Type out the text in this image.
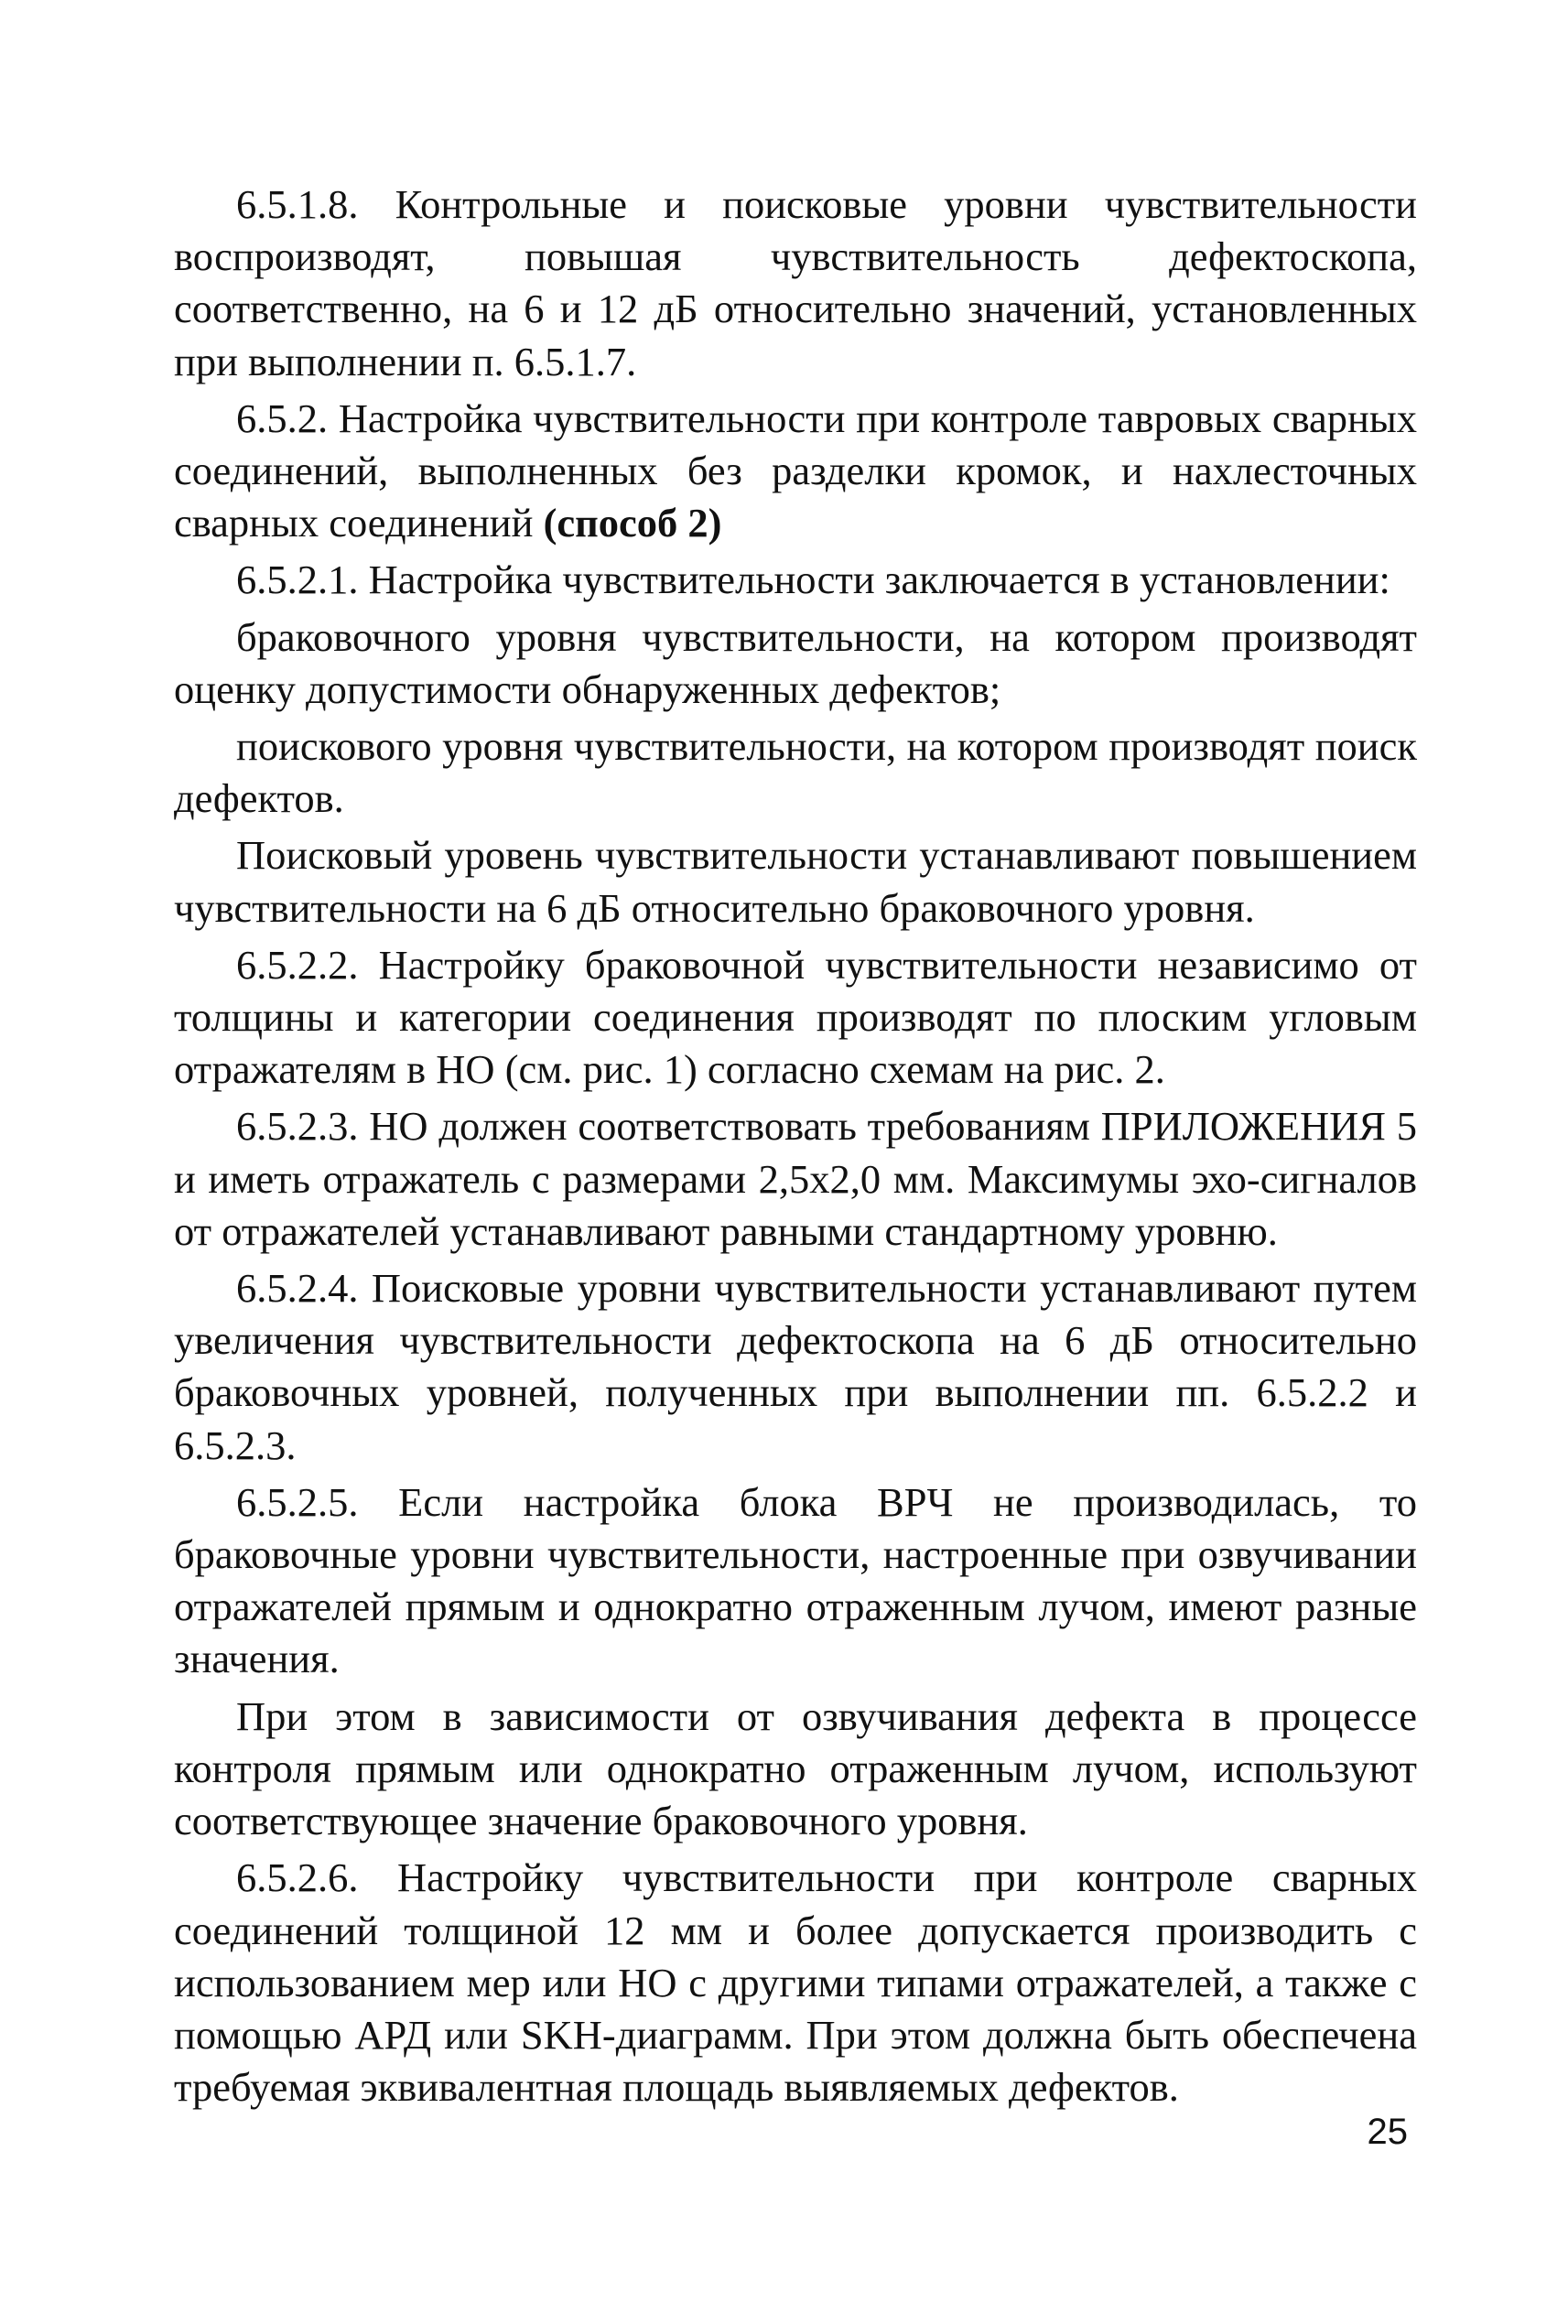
6.5.1.8. Контрольные и поисковые уровни чувствительности воспроизводят, повышая чувствительность дефектоскопа, соответственно, на 6 и 12 дБ относительно значений, установленных при выполнении п. 6.5.1.7.

6.5.2. Настройка чувствительности при контроле тавровых сварных соединений, выполненных без разделки кромок, и нахлесточных сварных соединений (способ 2)

6.5.2.1. Настройка чувствительности заключается в установлении:

браковочного уровня чувствительности, на котором производят оценку допустимости обнаруженных дефектов;

поискового уровня чувствительности, на котором производят поиск дефектов.

Поисковый уровень чувствительности устанавливают повышением чувствительности на 6 дБ относительно браковочного уровня.

6.5.2.2. Настройку браковочной чувствительности независимо от толщины и категории соединения производят по плоским угловым отражателям в НО (см. рис. 1) согласно схемам на рис. 2.

6.5.2.3. НО должен соответствовать требованиям ПРИЛОЖЕНИЯ 5 и иметь отражатель с размерами 2,5x2,0 мм. Максимумы эхо-сигналов от отражателей устанавливают равными стандартному уровню.

6.5.2.4. Поисковые уровни чувствительности устанавливают путем увеличения чувствительности дефектоскопа на 6 дБ относительно браковочных уровней, полученных при выполнении пп. 6.5.2.2 и 6.5.2.3.

6.5.2.5. Если настройка блока ВРЧ не производилась, то браковочные уровни чувствительности, настроенные при озвучивании отражателей прямым и однократно отраженным лучом, имеют разные значения.

При этом в зависимости от озвучивания дефекта в процессе контроля прямым или однократно отраженным лучом, используют соответствующее значение браковочного уровня.

6.5.2.6. Настройку чувствительности при контроле сварных соединений толщиной 12 мм и более допускается производить с использованием мер или НО с другими типами отражателей, а также с помощью АРД или SKH-диаграмм. При этом должна быть обеспечена требуемая эквивалентная площадь выявляемых дефектов.

25
